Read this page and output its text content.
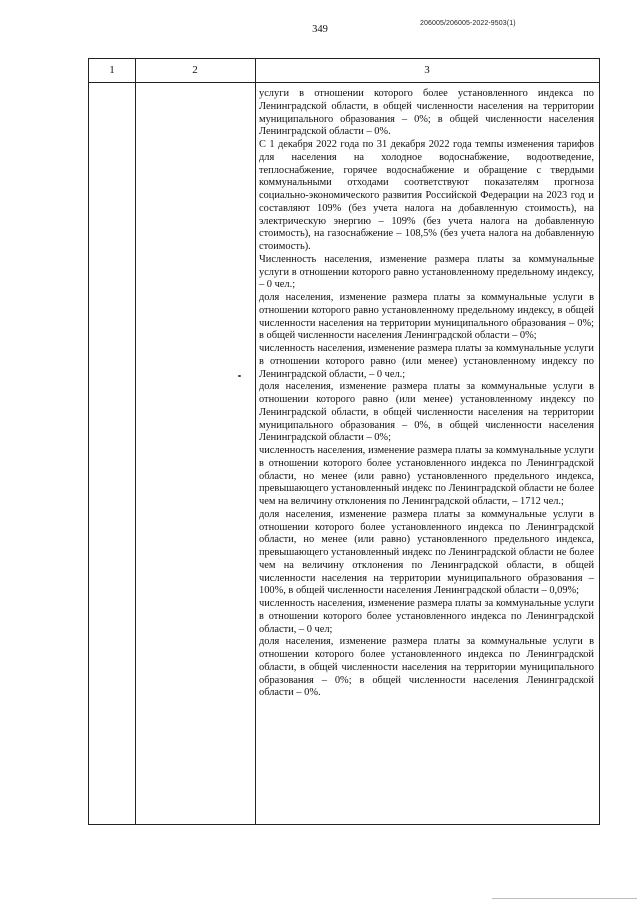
349
206005/206005-2022-9503(1)
1	2	3

услуги в отношении которого более установленного индекса по Ленинградской области, в общей численности населения на территории муниципального образования – 0%; в общей численности населения Ленинградской области – 0%.

С 1 декабря 2022 года по 31 декабря 2022 года темпы изменения тарифов для населения на холодное водоснабжение, водоотведение, теплоснабжение, горячее водоснабжение и обращение с твердыми коммунальными отходами соответствуют показателям прогноза социально-экономического развития Российской Федерации на 2023 год и составляют 109% (без учета налога на добавленную стоимость), на электрическую энергию – 109% (без учета налога на добавленную стоимость), на газоснабжение – 108,5% (без учета налога на добавленную стоимость).

Численность населения, изменение размера платы за коммунальные услуги в отношении которого равно установленному предельному индексу, – 0 чел.;

доля населения, изменение размера платы за коммунальные услуги в отношении которого равно установленному предельному индексу, в общей численности населения на территории муниципального образования – 0%; в общей численности населения Ленинградской области – 0%;

численность населения, изменение размера платы за коммунальные услуги в отношении которого равно (или менее) установленному индексу по Ленинградской области, – 0 чел.;

доля населения, изменение размера платы за коммунальные услуги в отношении которого равно (или менее) установленному индексу по Ленинградской области, в общей численности населения на территории муниципального образования – 0%, в общей численности населения Ленинградской области – 0%;

численность населения, изменение размера платы за коммунальные услуги в отношении которого более установленного индекса по Ленинградской области, но менее (или равно) установленного предельного индекса, превышающего установленный индекс по Ленинградской области не более чем на величину отклонения по Ленинградской области, – 1712 чел.;

доля населения, изменение размера платы за коммунальные услуги в отношении которого более установленного индекса по Ленинградской области, но менее (или равно) установленного предельного индекса, превышающего установленный индекс по Ленинградской области не более чем на величину отклонения по Ленинградской области, в общей численности населения на территории муниципального образования – 100%, в общей численности населения Ленинградской области – 0,09%;

численность населения, изменение размера платы за коммунальные услуги в отношении которого более установленного индекса по Ленинградской области, – 0 чел;

доля населения, изменение размера платы за коммунальные услуги в отношении которого более установленного индекса по Ленинградской области, в общей численности населения на территории муниципального образования – 0%; в общей численности населения Ленинградской области – 0%.
